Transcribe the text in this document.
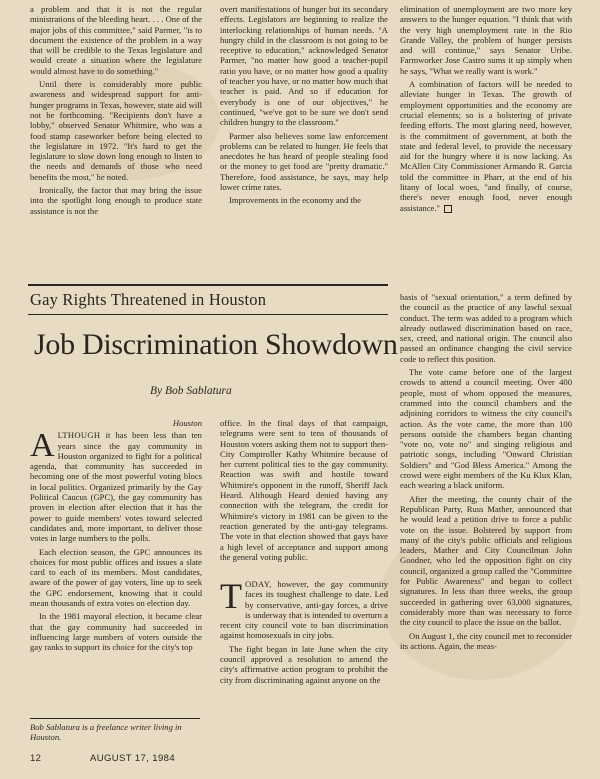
a problem and that it is not the regular ministrations of the bleeding heart. . . . One of the major jobs of this committee," said Parmer, "is to document the existence of the problem in a way that will be credible to the Texas legislature and would create a situation where the legislature would almost have to do something."

Until there is considerably more public awareness and widespread support for anti-hunger programs in Texas, however, state aid will not be forthcoming. "Recipients don't have a lobby," observed Senator Whitmire, who was a food stamp caseworker before being elected to the legislature in 1972. "It's hard to get the legislature to slow down long enough to listen to the needs and demands of those who need benefits the most," he noted.

Ironically, the factor that may bring the issue into the spotlight long enough to produce state assistance is not the

overt manifestations of hunger but its secondary effects. Legislators are beginning to realize the interlocking relationships of human needs. "A hungry child in the classroom is not going to be receptive to education," acknowledged Senator Parmer, "no matter how good a teacher-pupil ratio you have, or no matter how good a quality of teacher you have, or no matter how much that teacher is paid. And so if education for everybody is one of our objectives," he continued, "we've got to be sure we don't send children hungry to the classroom."

Parmer also believes some law enforcement problems can be related to hunger. He feels that anecdotes he has heard of people stealing food or the money to get food are "pretty dramatic." Therefore, food assistance, he says, may help lower crime rates.

Improvements in the economy and the

elimination of unemployment are two more key answers to the hunger equation. "I think that with the very high unemployment rate in the Rio Grande Valley, the problem of hunger persists and will continue," says Senator Uribe. Farmworker Jose Castro sums it up simply when he says, "What we really want is work."

A combination of factors will be needed to alleviate hunger in Texas. The growth of employment opportunities and the economy are crucial elements; so is a bolstering of private feeding efforts. The most glaring need, however, is the commitment of government, at both the state and federal level, to provide the necessary aid for the hungry where it is now lacking. As McAllen City Commissioner Armando R. Garcia told the committee in Pharr, at the end of his litany of local woes, "and finally, of course, there's never enough food, never enough assistance."

Gay Rights Threatened in Houston
Job Discrimination Showdown
By Bob Sablatura
Houston
A LTHOUGH it has been less than ten years since the gay community in Houston organized to fight for a political agenda, that community has succeeded in becoming one of the most powerful voting blocs in local politics. Organized primarily by the Gay Political Caucus (GPC), the gay community has proven in election after election that it has the power to guide members' votes toward selected candidates and, more important, to deliver those votes in large numbers to the polls.

Each election season, the GPC announces its choices for most public offices and issues a slate card to each of its members. Most candidates, aware of the power of gay voters, line up to seek the GPC endorsement, knowing that it could mean thousands of extra votes on election day.

In the 1981 mayoral election, it became clear that the gay community had succeeded in influencing large numbers of voters outside the gay ranks to support its choice for the city's top

Bob Sablatura is a freelance writer living in Houston.

office. In the final days of that campaign, telegrams were sent to tens of thousands of Houston voters asking them not to support then-City Comptroller Kathy Whitmire because of her current political ties to the gay community. Reaction was swift and hostile toward Whitmire's opponent in the runoff, Sheriff Jack Heard. Although Heard denied having any connection with the telegram, the credit for Whitmire's victory in 1981 can be given to the reaction generated by the anti-gay telegrams. The vote in that election showed that gays have a high level of acceptance and support among the general voting public.

T ODAY, however, the gay community faces its toughest challenge to date. Led by conservative, anti-gay forces, a drive is underway that is intended to overturn a recent city council vote to ban discrimination against homosexuals in city jobs.

The fight began in late June when the city council approved a resolution to amend the city's affirmative action program to prohibit the city from discriminating against anyone on the

basis of "sexual orientation," a term defined by the council as the practice of any lawful sexual conduct. The term was added to a program which already outlawed discrimination based on race, sex, creed, and national origin. The council also passed an ordinance changing the civil service code to reflect this position.

The vote came before one of the largest crowds to attend a council meeting. Over 400 people, most of whom opposed the measures, crammed into the council chambers and the adjoining corridors to witness the city council's action. As the vote came, the more than 100 persons outside the chambers began chanting "vote no, vote no" and singing religious and patriotic songs, including "Onward Christian Soldiers" and "God Bless America." Among the crowd were eight members of the Ku Klux Klan, each wearing a black uniform.

After the meeting, the county chair of the Republican Party, Russ Mather, announced that he would lead a petition drive to force a public vote on the issue. Bolstered by support from many of the city's public officials and religious leaders, Mather and City Councilman John Goodner, who led the opposition fight on city council, organized a group called the "Committee for Public Awareness" and began to collect signatures. In less than three weeks, the group succeeded in gathering over 63,000 signatures, considerably more than was necessary to force the city council to place the issue on the ballot.

On August 1, the city council met to reconsider its actions. Again, the meas-

12	AUGUST 17, 1984
